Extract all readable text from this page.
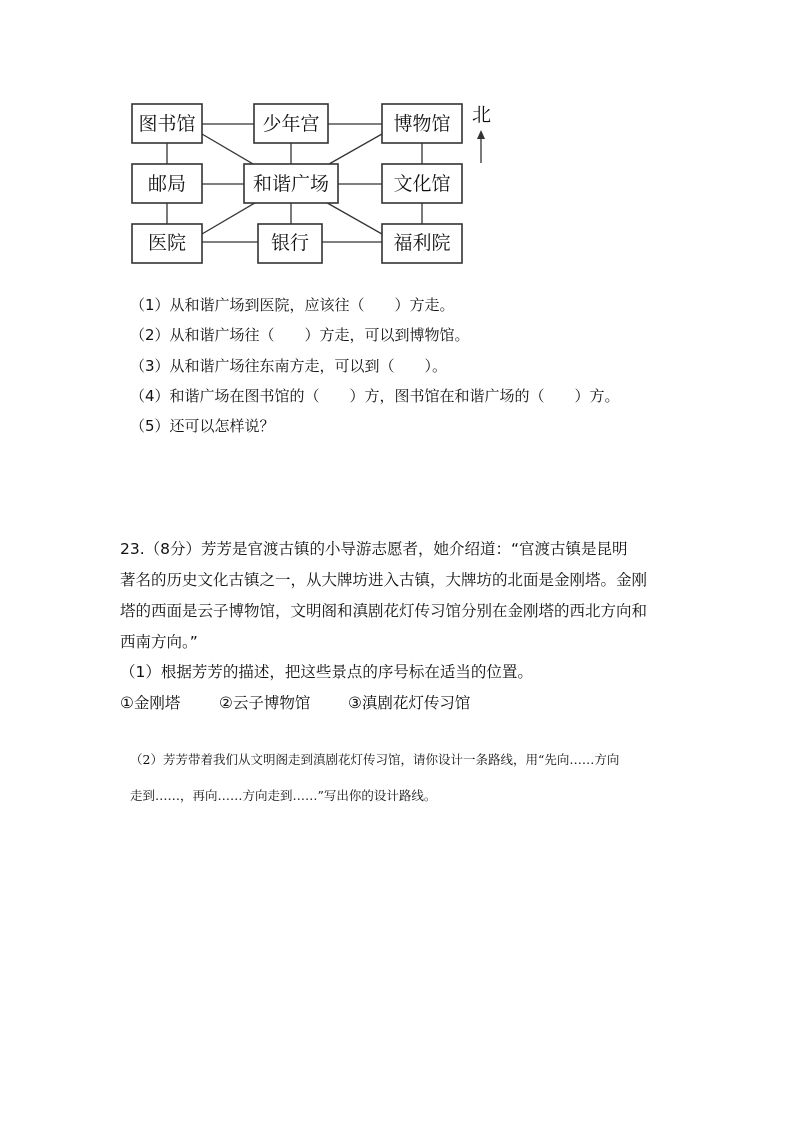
图书馆	少年宫	博物馆
邮局	和谐广场	文化馆
医院	银行	福利院
北
（1）从和谐广场到医院，应该往（　　）方走。
（2）从和谐广场往（　　）方走，可以到博物馆。
（3）从和谐广场往东南方走，可以到（　　）。
（4）和谐广场在图书馆的（　　）方，图书馆在和谐广场的（　　）方。
（5）还可以怎样说？
23.（8分）芳芳是官渡古镇的小导游志愿者，她介绍道：“官渡古镇是昆明
著名的历史文化古镇之一，从大牌坊进入古镇，大牌坊的北面是金刚塔。金刚
塔的西面是云子博物馆，文明阁和滇剧花灯传习馆分别在金刚塔的西北方向和
西南方向。”
（1）根据芳芳的描述，把这些景点的序号标在适当的位置。
①金刚塔 ②云子博物馆 ③滇剧花灯传习馆
（2）芳芳带着我们从文明阁走到滇剧花灯传习馆，请你设计一条路线，用“先向……方向
走到……，再向……方向走到……”写出你的设计路线。
